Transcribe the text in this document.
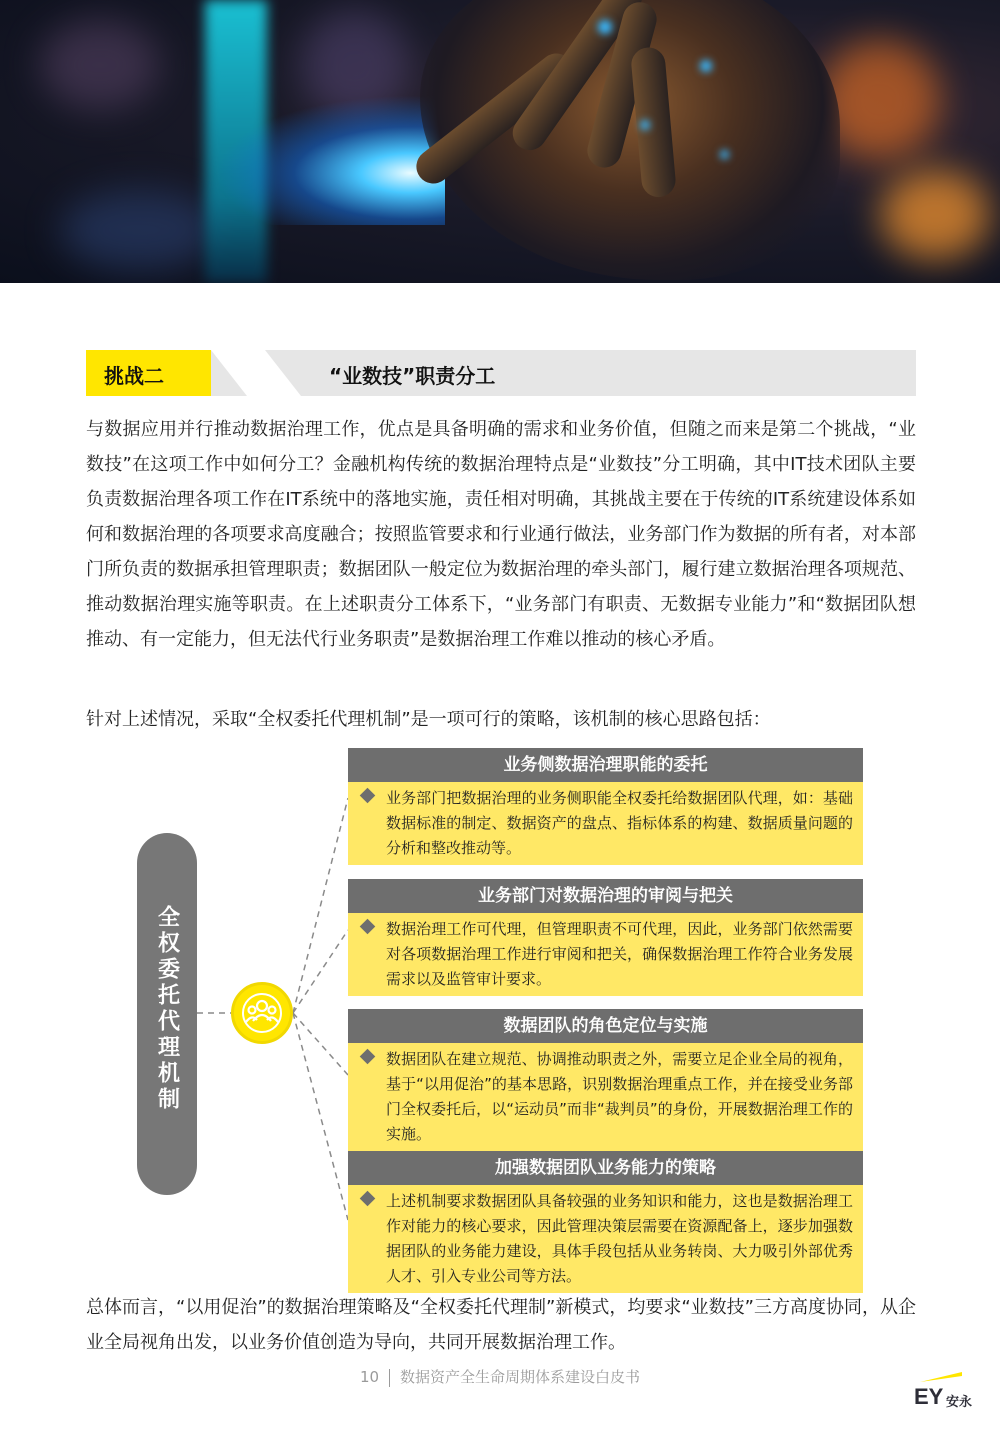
挑战二	“业数技”职责分工

与数据应用并行推动数据治理工作，优点是具备明确的需求和业务价值，但随之而来是第二个挑战，“业数技”在这项工作中如何分工？金融机构传统的数据治理特点是“业数技”分工明确，其中IT技术团队主要负责数据治理各项工作在IT系统中的落地实施，责任相对明确，其挑战主要在于传统的IT系统建设体系如何和数据治理的各项要求高度融合；按照监管要求和行业通行做法，业务部门作为数据的所有者，对本部门所负责的数据承担管理职责；数据团队一般定位为数据治理的牵头部门，履行建立数据治理各项规范、推动数据治理实施等职责。在上述职责分工体系下，“业务部门有职责、无数据专业能力”和“数据团队想推动、有一定能力，但无法代行业务职责”是数据治理工作难以推动的核心矛盾。

针对上述情况，采取“全权委托代理机制”是一项可行的策略，该机制的核心思路包括：

全权委托代理机制
业务侧数据治理职能的委托
业务部门把数据治理的业务侧职能全权委托给数据团队代理，如：基础数据标准的制定、数据资产的盘点、指标体系的构建、数据质量问题的分析和整改推动等。
业务部门对数据治理的审阅与把关
数据治理工作可代理，但管理职责不可代理，因此，业务部门依然需要对各项数据治理工作进行审阅和把关，确保数据治理工作符合业务发展需求以及监管审计要求。
数据团队的角色定位与实施
数据团队在建立规范、协调推动职责之外，需要立足企业全局的视角，基于“以用促治”的基本思路，识别数据治理重点工作，并在接受业务部门全权委托后，以“运动员”而非“裁判员”的身份，开展数据治理工作的实施。
加强数据团队业务能力的策略
上述机制要求数据团队具备较强的业务知识和能力，这也是数据治理工作对能力的核心要求，因此管理决策层需要在资源配备上，逐步加强数据团队的业务能力建设，具体手段包括从业务转岗、大力吸引外部优秀人才、引入专业公司等方法。

总体而言，“以用促治”的数据治理策略及“全权委托代理制”新模式，均要求“业数技”三方高度协同，从企业全局视角出发，以业务价值创造为导向，共同开展数据治理工作。

10 数据资产全生命周期体系建设白皮书
EY 安永
